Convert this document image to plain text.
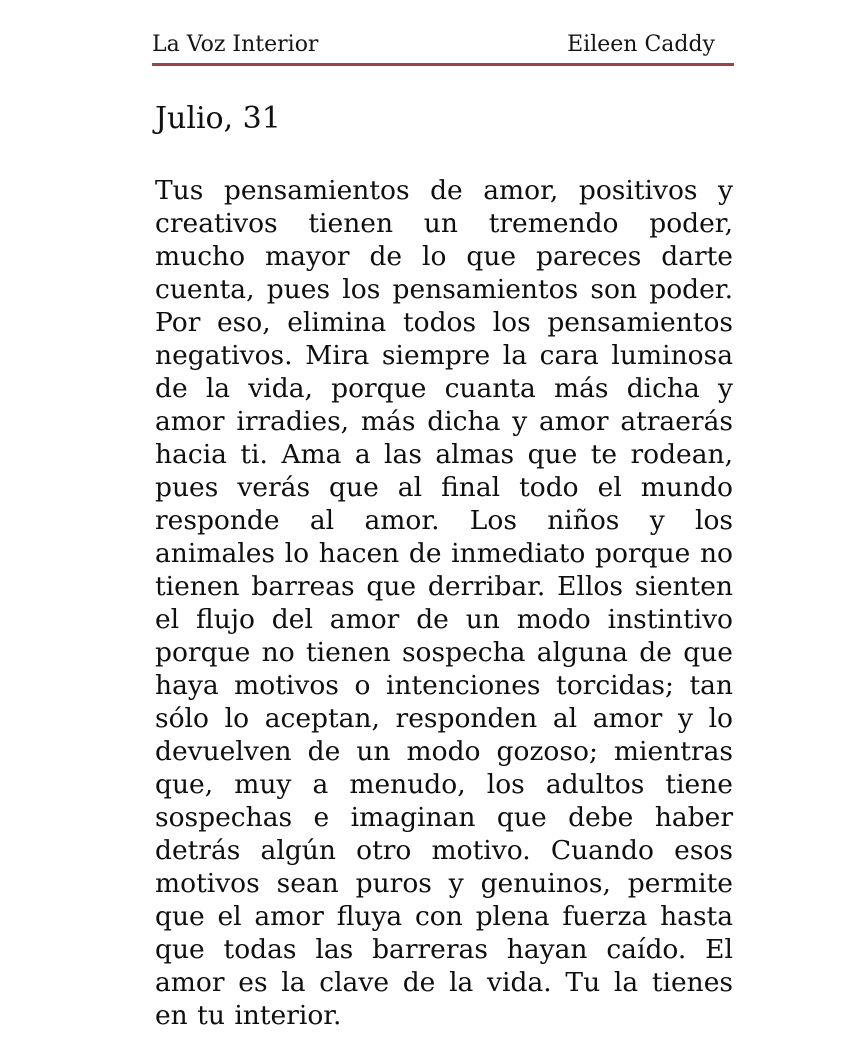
La Voz Interior	Eileen Caddy
Julio, 31

Tus pensamientos de amor, positivos y creativos tienen un tremendo poder, mucho mayor de lo que pareces darte cuenta, pues los pensamientos son poder. Por eso, elimina todos los pensamientos negativos. Mira siempre la cara luminosa de la vida, porque cuanta más dicha y amor irradies, más dicha y amor atraerás hacia ti. Ama a las almas que te rodean, pues verás que al final todo el mundo responde al amor. Los niños y los animales lo hacen de inmediato porque no tienen barreas que derribar. Ellos sienten el flujo del amor de un modo instintivo porque no tienen sospecha alguna de que haya motivos o intenciones torcidas; tan sólo lo aceptan, responden al amor y lo devuelven de un modo gozoso; mientras que, muy a menudo, los adultos tiene sospechas e imaginan que debe haber detrás algún otro motivo. Cuando esos motivos sean puros y genuinos, permite que el amor fluya con plena fuerza hasta que todas las barreras hayan caído. El amor es la clave de la vida. Tu la tienes en tu interior.
